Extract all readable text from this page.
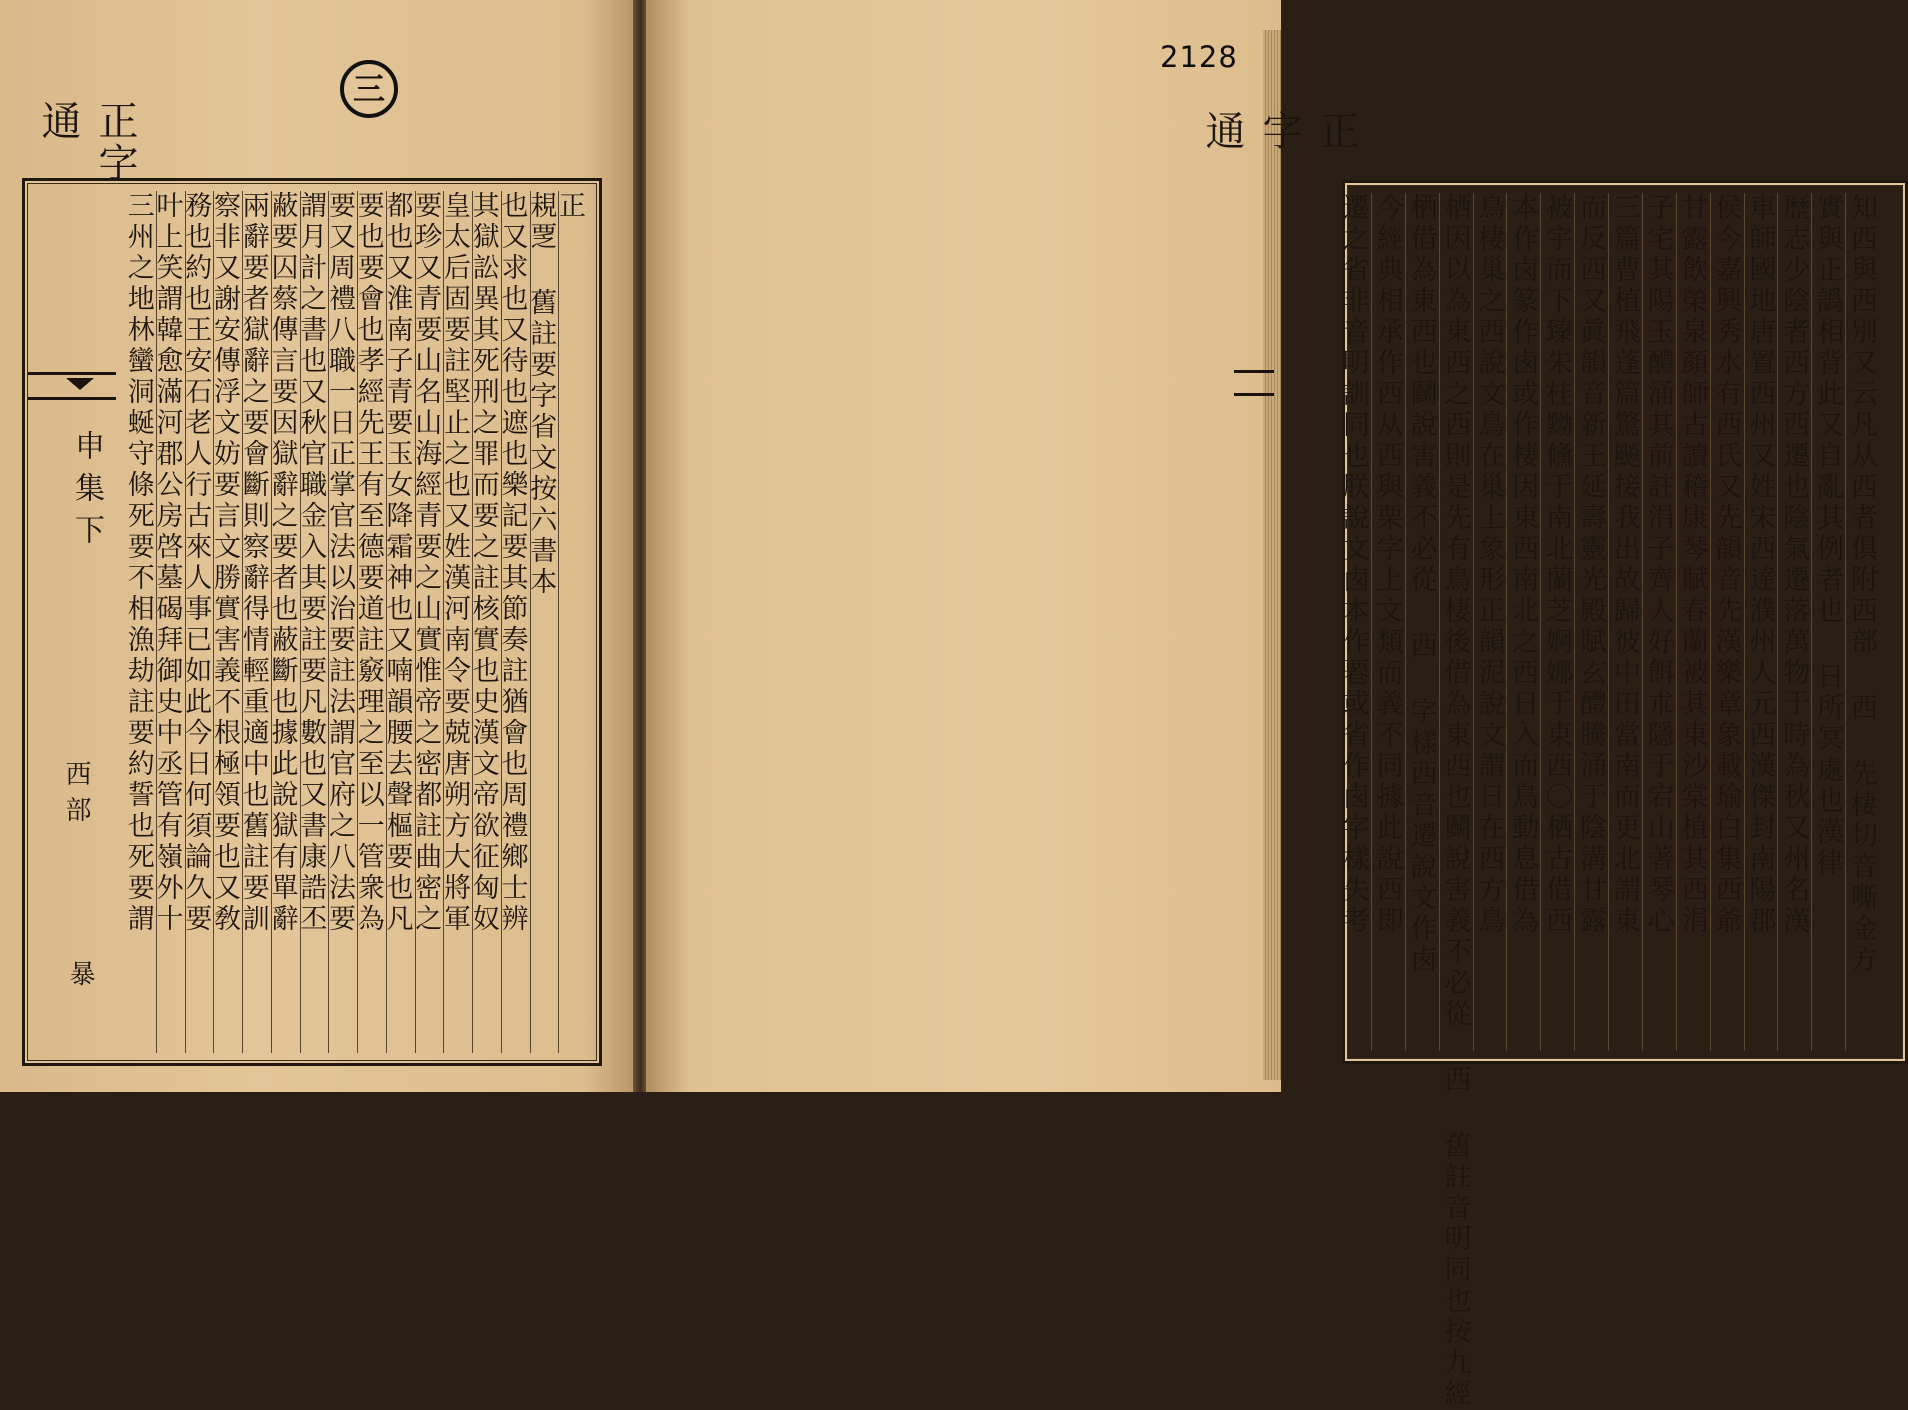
正字通
申集下
西部
暴
正
䙿覂 舊註要字省文按六書本
也又求也又待也遮也樂記要其節奏註猶會也周禮鄉士辨
其獄訟異其死刑之罪而要之註核實也史漢文帝欲征匈奴
皇太后固要註堅止之也又姓漢河南令要兢唐朔方大將軍
要珍又青要山名山海經青要之山實惟帝之密都註曲密之
都也又淮南子青要玉女降霜神也又喃韻腰去聲樞要也凡
要也要會也孝經先王有至德要道註竅理之至以一管衆為
要又周禮八職一日正掌官法以治要註法謂官府之八法要
謂月計之書也又秋官職金入其要註要凡數也又書康誥丕
蔽要囚蔡傳言要因獄辭之要者也蔽斷也據此說獄有單辭
兩辭要者獄辭之要會斷則察辭得情輕重適中也舊註要訓
察非又謝安傳浮文妨要言文勝實害義不根極領要也又敎
務也約也王安石老人行古來人事已如此今日何須論久要
叶上笑謂韓愈滿河郡公房啓墓碣拜御史中丞管有嶺外十
三州之地林蠻洞蜒守條死要不相漁劫註要約誓也死要謂
三
知西與西別又云凡从西者俱附西部 西 先棲切音嘶金方
實與正譌相背此又自亂其例者也 日所冥處也漢律
歷志少陰者西方西遷也陰氣遷落萬物于時為秋又州名漢
車師國地唐置西州又姓宋西達濮州人元西漢傑封南陽郡
侯今嘉興秀水有西氏又先韻音先漢樂章象載瑜白集西爺
甘露飲榮泉顏師古讀稽康琴賦春蘭被其東沙棠植其西涓
子宅其陽玉醴涌其前註涓子齊人好餌朮隱于宕山著琴心
三篇曹植飛蓬篇驚飈接我出故歸彼中田當南而更北謂東
而反西又眞韻音新王延壽靈光殿賦玄醴騰涌于陰溝甘露
被宇而下臻朱桂黝儵于南北蘭芝婀娜于東西〇栖古借西
本作卤篆作卥或作棲因東西南北之西日入而鳥動息借為
鳥棲巢之西說文鳥在巢上象形正韻泥說文謂日在西方鳥
栖因以為東西之西則是先有鳥棲後借為東西也鬬說害義不必從 西 舊註音明同也按九經
栖借為東西也鬬說害義不必從 西 字樣西音遷說文作卥
今經典相承作西从西與栗字上文類而義不同據此說西即
遷之省非音明訓同也朕說文卥本作䙴或省作卥字樣失考
正字通
2128
